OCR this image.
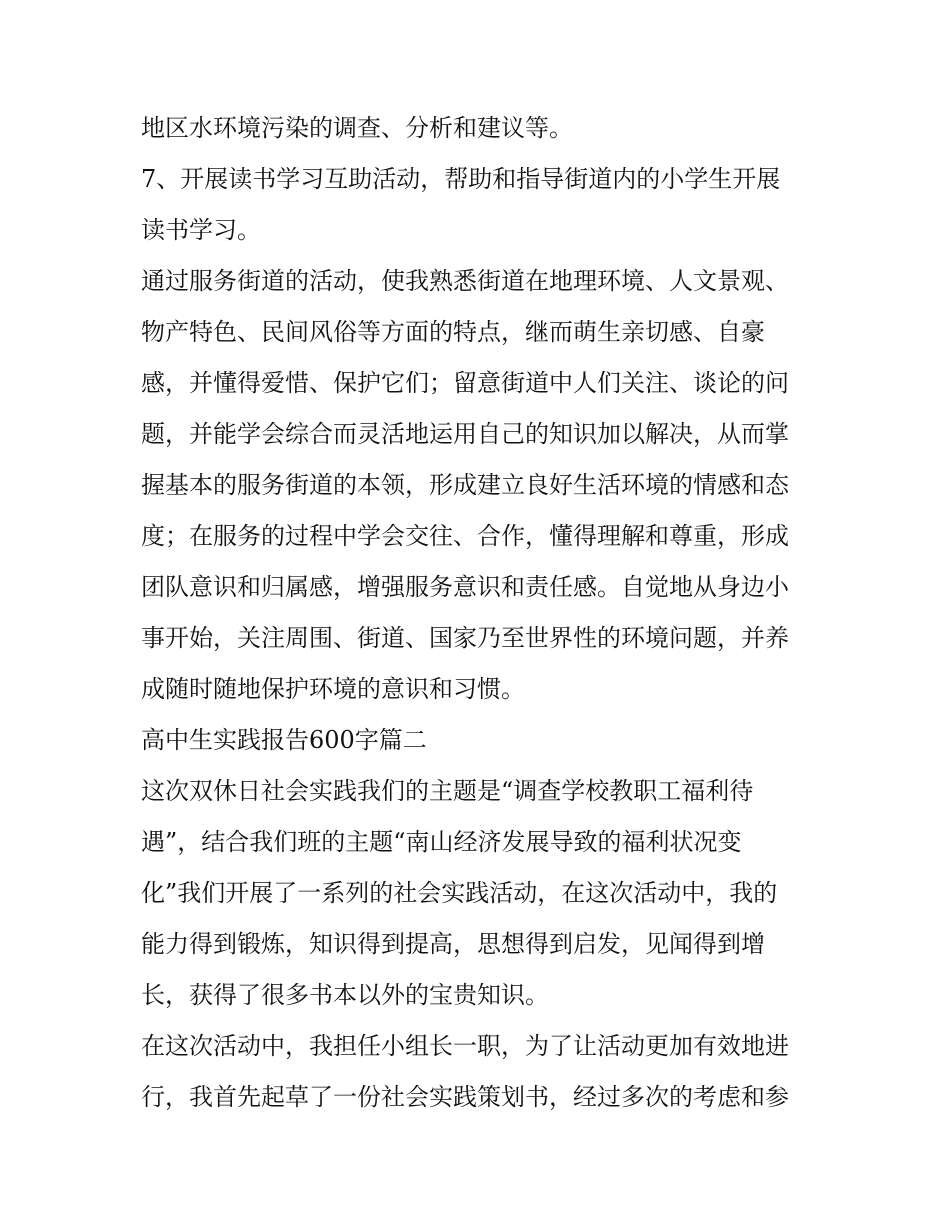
地区水环境污染的调查、分析和建议等。
7、开展读书学习互助活动，帮助和指导街道内的小学生开展
读书学习。
通过服务街道的活动，使我熟悉街道在地理环境、人文景观、
物产特色、民间风俗等方面的特点，继而萌生亲切感、自豪
感，并懂得爱惜、保护它们；留意街道中人们关注、谈论的问
题，并能学会综合而灵活地运用自己的知识加以解决，从而掌
握基本的服务街道的本领，形成建立良好生活环境的情感和态
度；在服务的过程中学会交往、合作，懂得理解和尊重，形成
团队意识和归属感，增强服务意识和责任感。自觉地从身边小
事开始，关注周围、街道、国家乃至世界性的环境问题，并养
成随时随地保护环境的意识和习惯。
高中生实践报告600字篇二
这次双休日社会实践我们的主题是“调查学校教职工福利待
遇”，结合我们班的主题“南山经济发展导致的福利状况变
化”我们开展了一系列的社会实践活动，在这次活动中，我的
能力得到锻炼，知识得到提高，思想得到启发，见闻得到增
长，获得了很多书本以外的宝贵知识。
在这次活动中，我担任小组长一职，为了让活动更加有效地进
行，我首先起草了一份社会实践策划书，经过多次的考虑和参
